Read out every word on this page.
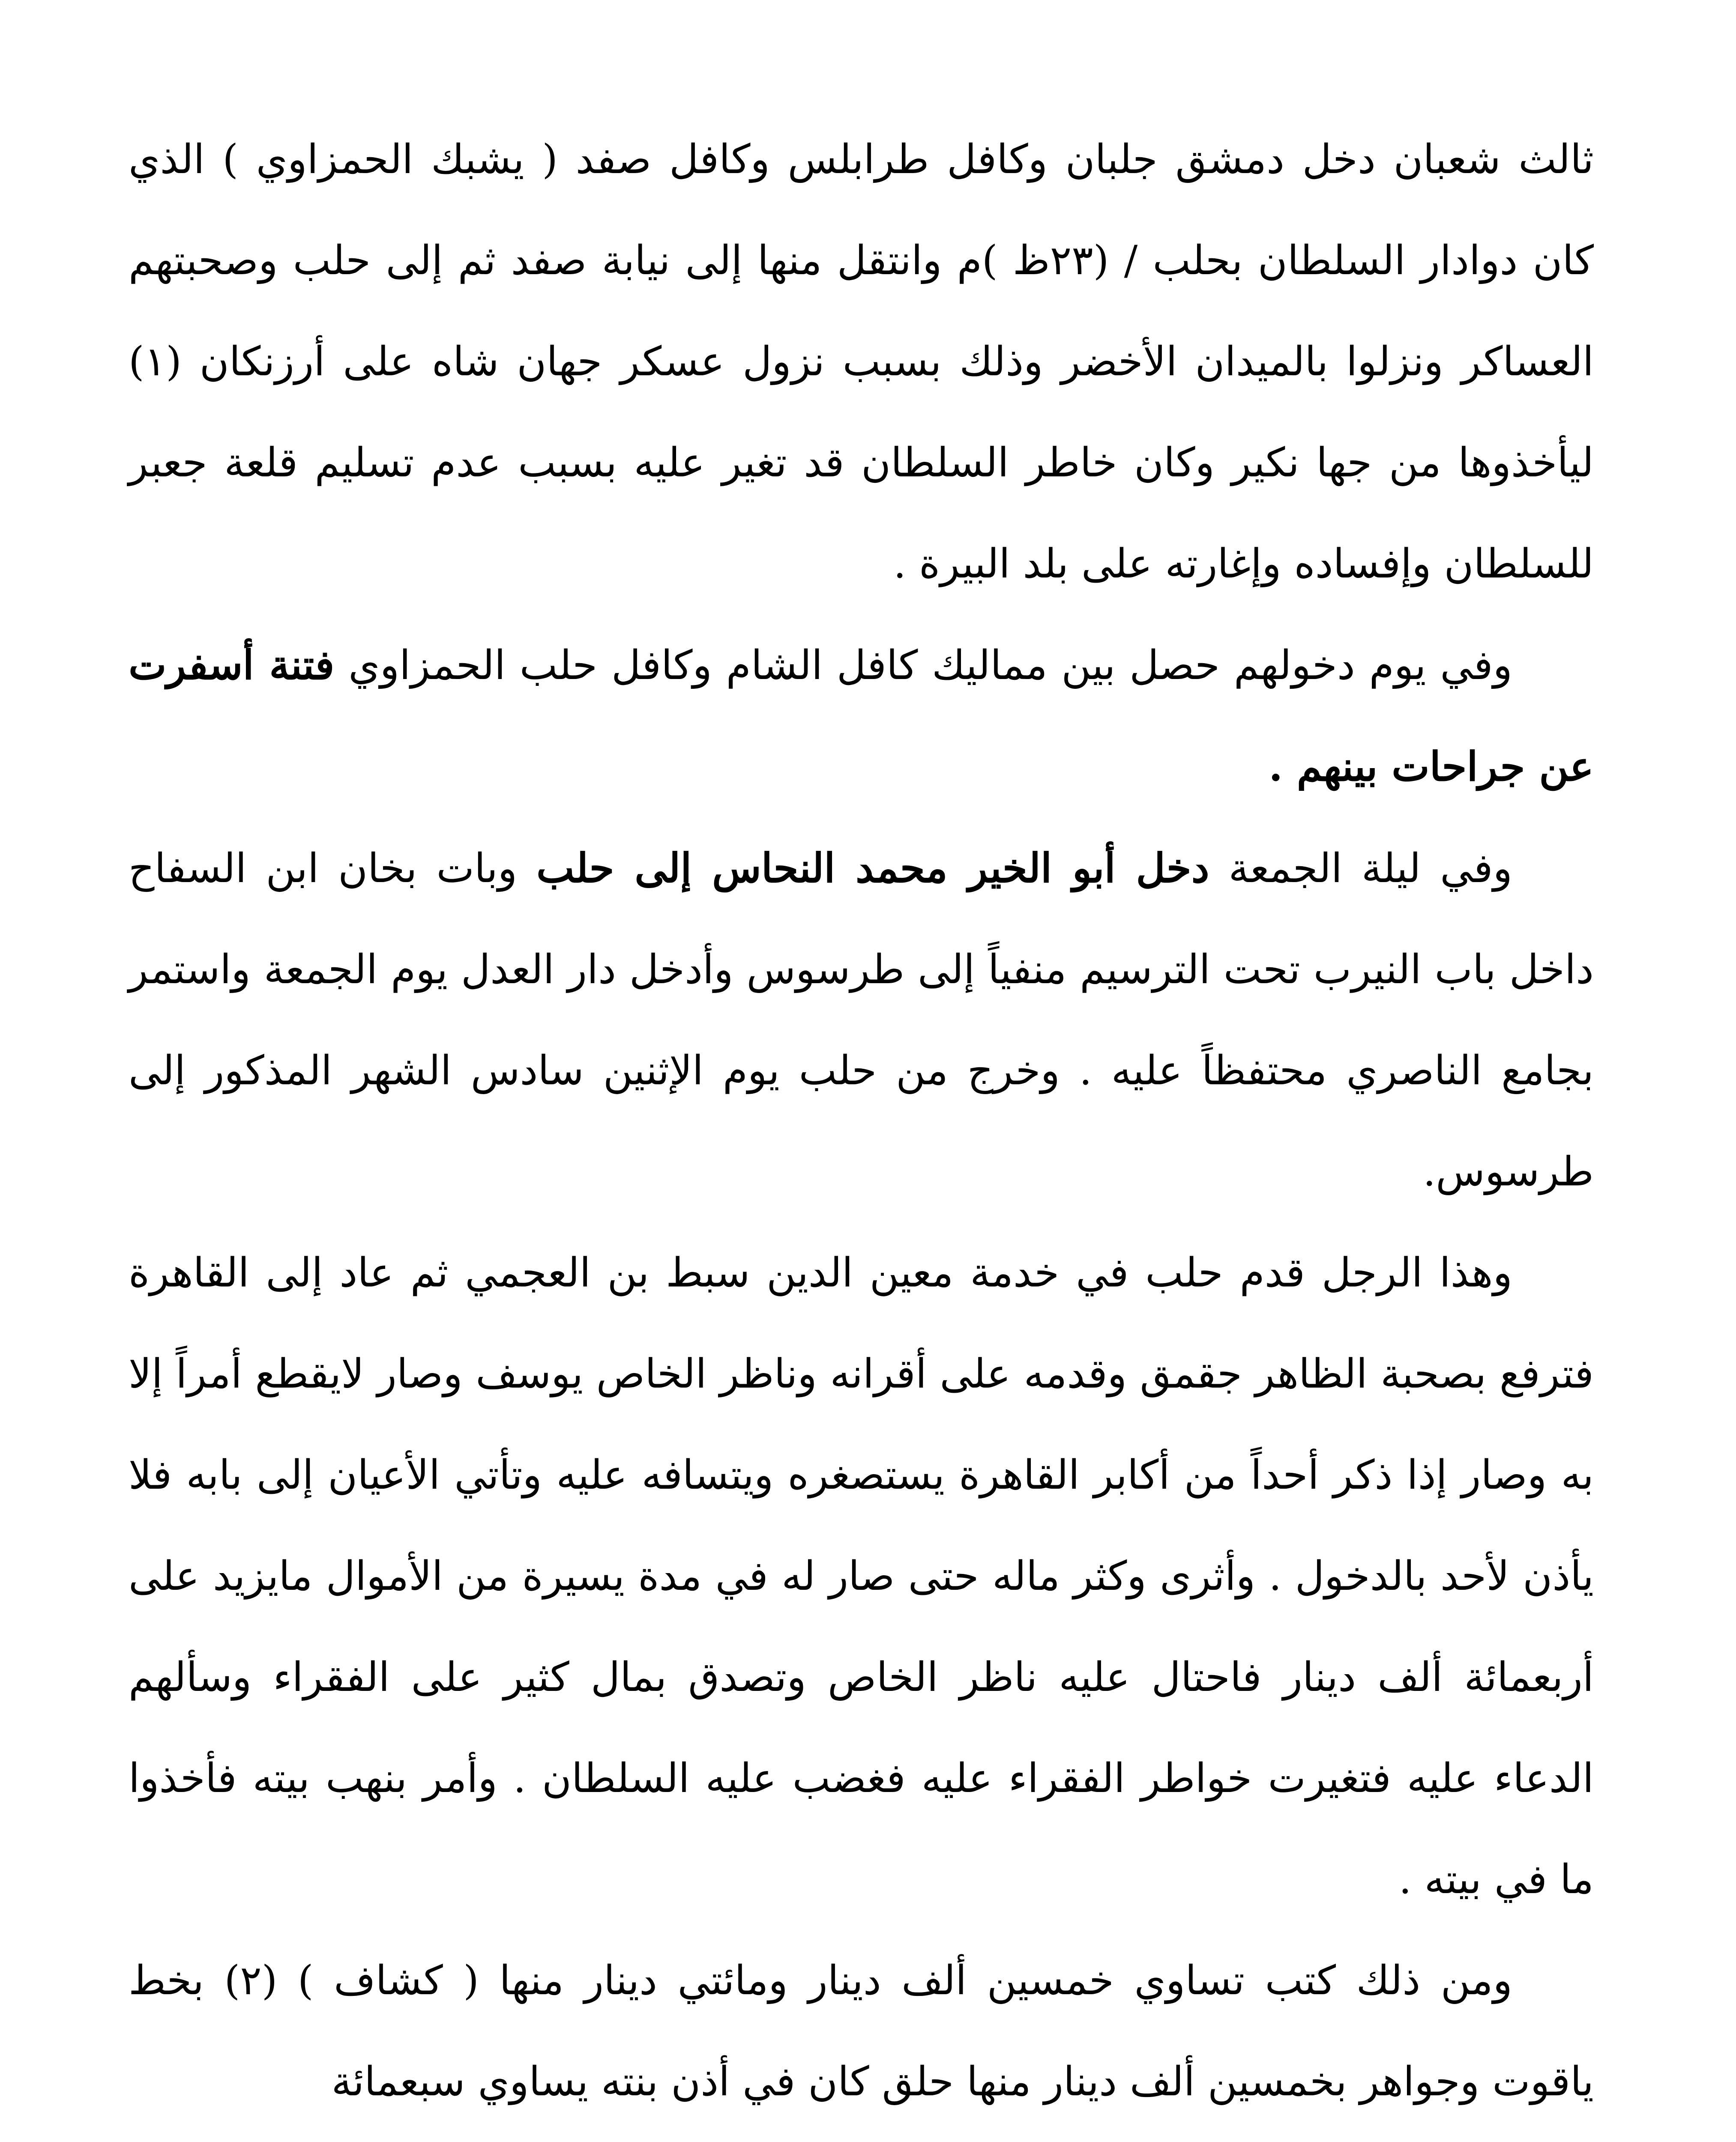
ثالث شعبان دخل دمشق جلبان وكافل طرابلس وكافل صفد ( يشبك الحمزاوي ) الذي كان دوادار السلطان بحلب / (٢٣ظ )م وانتقل منها إلى نيابة صفد ثم إلى حلب وصحبتهم العساكر ونزلوا بالميدان الأخضر وذلك بسبب نزول عسكر جهان شاه على أرزنكان (١) ليأخذوها من جها نكير وكان خاطر السلطان قد تغير عليه بسبب عدم تسليم قلعة جعبر للسلطان وإفساده وإغارته على بلد البيرة .

وفي يوم دخولهم حصل بين مماليك كافل الشام وكافل حلب الحمزاوي فتنة أسفرت عن جراحات بينهم .

وفي ليلة الجمعة دخل أبو الخير محمد النحاس إلى حلب وبات بخان ابن السفاح داخل باب النيرب تحت الترسيم منفياً إلى طرسوس وأدخل دار العدل يوم الجمعة واستمر بجامع الناصري محتفظاً عليه . وخرج من حلب يوم الإثنين سادس الشهر المذكور إلى طرسوس.

وهذا الرجل قدم حلب في خدمة معين الدين سبط بن العجمي ثم عاد إلى القاهرة فترفع بصحبة الظاهر جقمق وقدمه على أقرانه وناظر الخاص يوسف وصار لايقطع أمراً إلا به وصار إذا ذكر أحداً من أكابر القاهرة يستصغره ويتسافه عليه وتأتي الأعيان إلى بابه فلا يأذن لأحد بالدخول . وأثرى وكثر ماله حتى صار له في مدة يسيرة من الأموال مايزيد على أربعمائة ألف دينار فاحتال عليه ناظر الخاص وتصدق بمال كثير على الفقراء وسألهم الدعاء عليه فتغيرت خواطر الفقراء عليه فغضب عليه السلطان . وأمر بنهب بيته فأخذوا ما في بيته .

ومن ذلك كتب تساوي خمسين ألف دينار ومائتي دينار منها ( كشاف ) (٢) بخط ياقوت وجواهر بخمسين ألف دينار منها حلق كان في أذن بنته يساوي سبعمائة
